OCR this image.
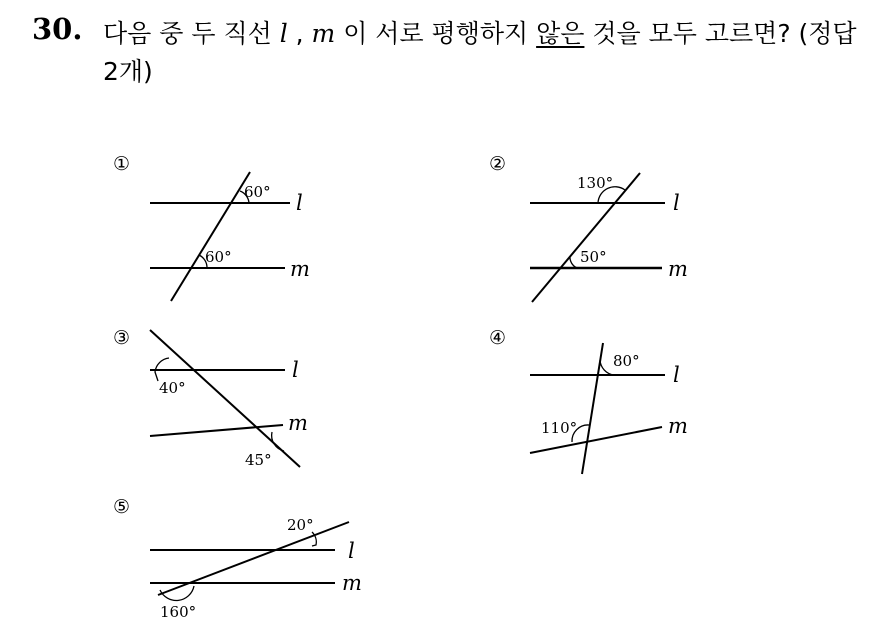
30. 다음 중 두 직선 l , m 이 서로 평행하지 않은 것을 모두 고르면? (정답 2개)
①	②
③	④
⑤
60°
60°
130°
50°
40°
45°
80°
110°
20°
160°
l
m
l
m
l
m
l
m
l
m
